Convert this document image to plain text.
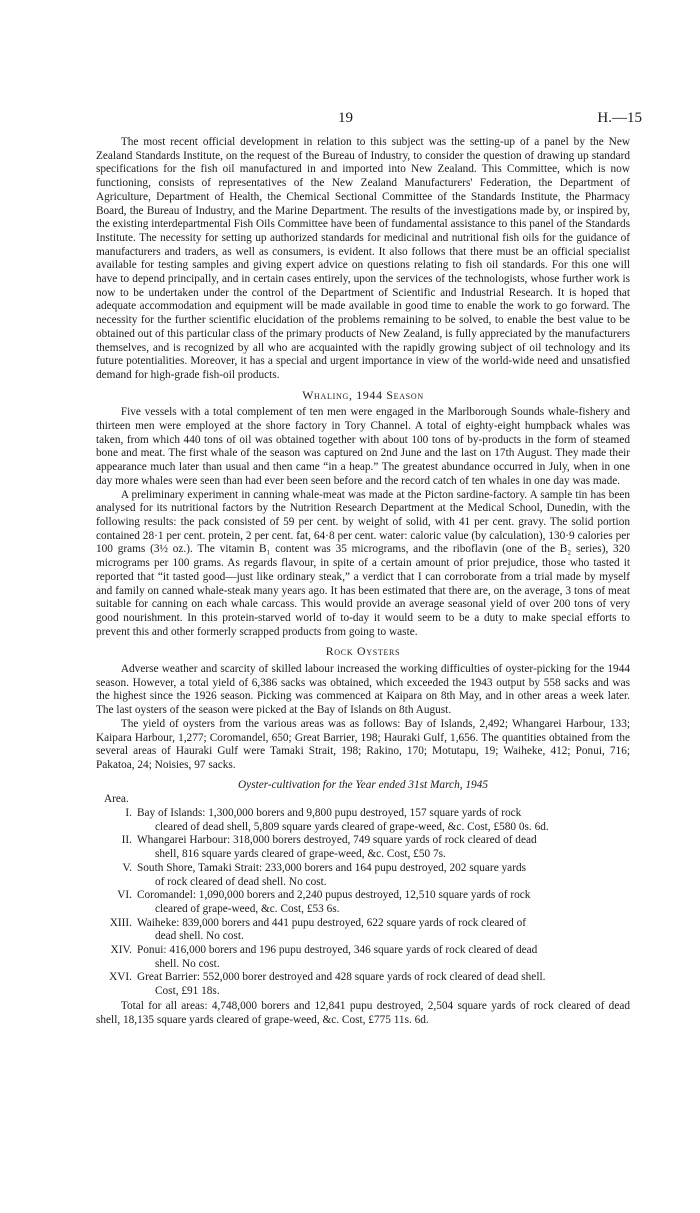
19	H.—15

The most recent official development in relation to this subject was the setting-up of a panel by the New Zealand Standards Institute, on the request of the Bureau of Industry, to consider the question of drawing up standard specifications for the fish oil manufactured in and imported into New Zealand. This Committee, which is now functioning, consists of representatives of the New Zealand Manufacturers' Federation, the Department of Agriculture, Department of Health, the Chemical Sectional Committee of the Standards Institute, the Pharmacy Board, the Bureau of Industry, and the Marine Department. The results of the investigations made by, or inspired by, the existing interdepartmental Fish Oils Committee have been of fundamental assistance to this panel of the Standards Institute. The necessity for setting up authorized standards for medicinal and nutritional fish oils for the guidance of manufacturers and traders, as well as consumers, is evident. It also follows that there must be an official specialist available for testing samples and giving expert advice on questions relating to fish oil standards. For this one will have to depend principally, and in certain cases entirely, upon the services of the technologists, whose further work is now to be undertaken under the control of the Department of Scientific and Industrial Research. It is hoped that adequate accommodation and equipment will be made available in good time to enable the work to go forward. The necessity for the further scientific elucidation of the problems remaining to be solved, to enable the best value to be obtained out of this particular class of the primary products of New Zealand, is fully appreciated by the manufacturers themselves, and is recognized by all who are acquainted with the rapidly growing subject of oil technology and its future potentialities. Moreover, it has a special and urgent importance in view of the world-wide need and unsatisfied demand for high-grade fish-oil products.

Whaling, 1944 Season

Five vessels with a total complement of ten men were engaged in the Marlborough Sounds whale-fishery and thirteen men were employed at the shore factory in Tory Channel. A total of eighty-eight humpback whales was taken, from which 440 tons of oil was obtained together with about 100 tons of by-products in the form of steamed bone and meat. The first whale of the season was captured on 2nd June and the last on 17th August. They made their appearance much later than usual and then came “in a heap.” The greatest abundance occurred in July, when in one day more whales were seen than had ever been seen before and the record catch of ten whales in one day was made.

A preliminary experiment in canning whale-meat was made at the Picton sardine-factory. A sample tin has been analysed for its nutritional factors by the Nutrition Research Department at the Medical School, Dunedin, with the following results: the pack consisted of 59 per cent. by weight of solid, with 41 per cent. gravy. The solid portion contained 28·1 per cent. protein, 2 per cent. fat, 64·8 per cent. water: caloric value (by calculation), 130·9 calories per 100 grams (3½ oz.). The vitamin B₁ content was 35 micrograms, and the riboflavin (one of the B₂ series), 320 micrograms per 100 grams. As regards flavour, in spite of a certain amount of prior prejudice, those who tasted it reported that “it tasted good—just like ordinary steak,” a verdict that I can corroborate from a trial made by myself and family on canned whale-steak many years ago. It has been estimated that there are, on the average, 3 tons of meat suitable for canning on each whale carcass. This would provide an average seasonal yield of over 200 tons of very good nourishment. In this protein-starved world of to-day it would seem to be a duty to make special efforts to prevent this and other formerly scrapped products from going to waste.

Rock Oysters

Adverse weather and scarcity of skilled labour increased the working difficulties of oyster-picking for the 1944 season. However, a total yield of 6,386 sacks was obtained, which exceeded the 1943 output by 558 sacks and was the highest since the 1926 season. Picking was commenced at Kaipara on 8th May, and in other areas a week later. The last oysters of the season were picked at the Bay of Islands on 8th August.

The yield of oysters from the various areas was as follows: Bay of Islands, 2,492; Whangarei Harbour, 133; Kaipara Harbour, 1,277; Coromandel, 650; Great Barrier, 198; Hauraki Gulf, 1,656. The quantities obtained from the several areas of Hauraki Gulf were Tamaki Strait, 198; Rakino, 170; Motutapu, 19; Waiheke, 412; Ponui, 716; Pakatoa, 24; Noisies, 97 sacks.

Oyster-cultivation for the Year ended 31st March, 1945
Area.
I. Bay of Islands: 1,300,000 borers and 9,800 pupu destroyed, 157 square yards of rock
cleared of dead shell, 5,809 square yards cleared of grape-weed, &c. Cost, £580 0s. 6d.
II. Whangarei Harbour: 318,000 borers destroyed, 749 square yards of rock cleared of dead
shell, 816 square yards cleared of grape-weed, &c. Cost, £50 7s.
V. South Shore, Tamaki Strait: 233,000 borers and 164 pupu destroyed, 202 square yards
of rock cleared of dead shell. No cost.
VI. Coromandel: 1,090,000 borers and 2,240 pupus destroyed, 12,510 square yards of rock
cleared of grape-weed, &c. Cost, £53 6s.
XIII. Waiheke: 839,000 borers and 441 pupu destroyed, 622 square yards of rock cleared of
dead shell. No cost.
XIV. Ponui: 416,000 borers and 196 pupu destroyed, 346 square yards of rock cleared of dead
shell. No cost.
XVI. Great Barrier: 552,000 borer destroyed and 428 square yards of rock cleared of dead shell.
Cost, £91 18s.

Total for all areas: 4,748,000 borers and 12,841 pupu destroyed, 2,504 square yards of rock cleared of dead shell, 18,135 square yards cleared of grape-weed, &c. Cost, £775 11s. 6d.
